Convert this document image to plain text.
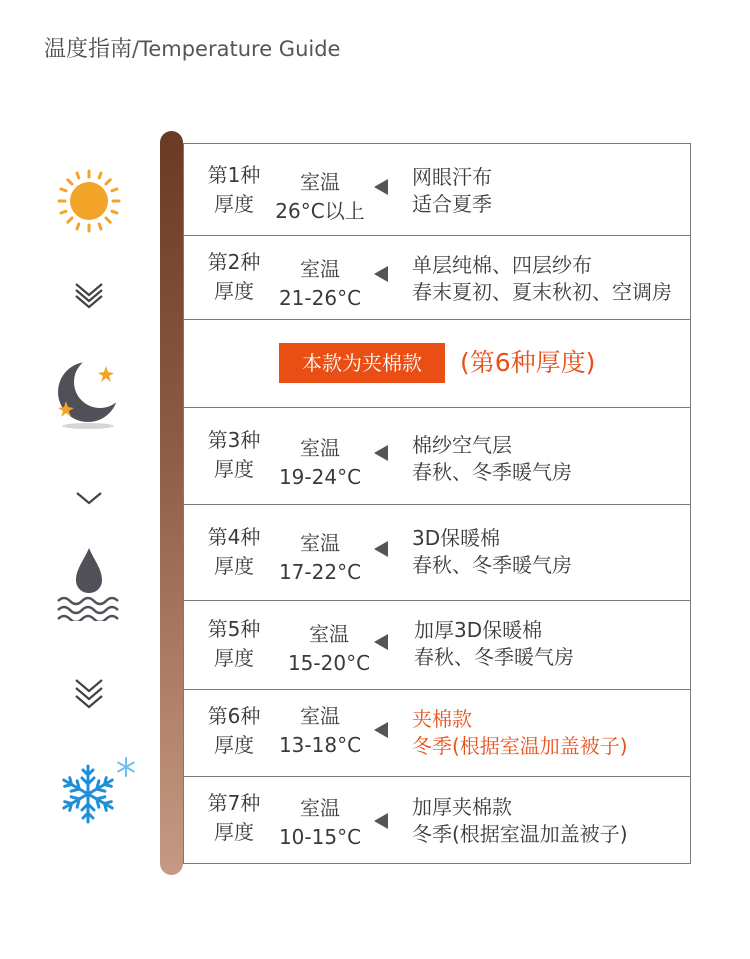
温度指南/Temperature Guide
第1种
厚度
室温
26°C以上
网眼汗布
适合夏季
第2种
厚度
室温
21-26°C
单层纯棉、四层纱布
春末夏初、夏末秋初、空调房
本款为夹棉款	(第6种厚度)
第3种
厚度
室温
19-24°C
棉纱空气层
春秋、冬季暖气房
第4种
厚度
室温
17-22°C
3D保暖棉
春秋、冬季暖气房
第5种
厚度
室温
15-20°C
加厚3D保暖棉
春秋、冬季暖气房
第6种
厚度
室温
13-18°C
夹棉款
冬季(根据室温加盖被子)
第7种
厚度
室温
10-15°C
加厚夹棉款
冬季(根据室温加盖被子)
